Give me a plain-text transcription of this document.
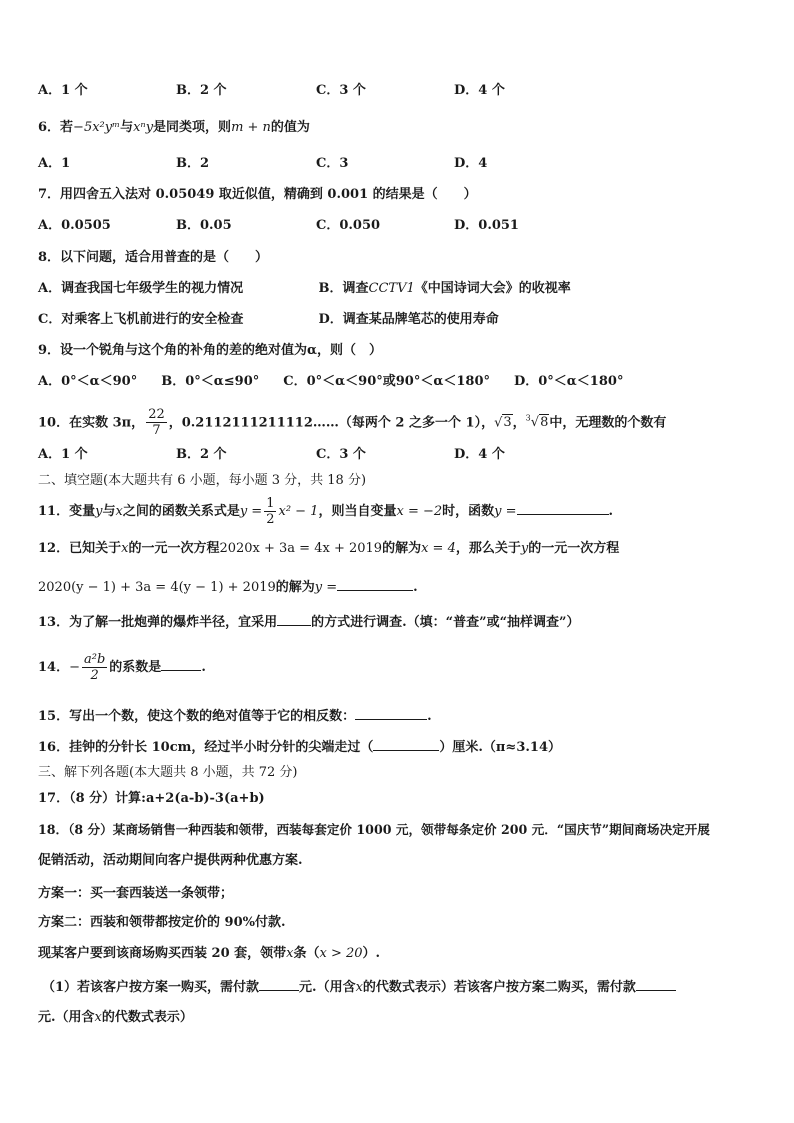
A．1 个	B．2 个	C．3 个	D．4 个
6．若−5x²yᵐ与xⁿy是同类项，则m + n的值为
A．1	B．2	C．3	D．4
7．用四舍五入法对 0.05049 取近似值，精确到 0.001 的结果是（　　）
A．0.0505	B．0.05	C．0.050	D．0.051
8．以下问题，适合用普查的是（　　）
A．调查我国七年级学生的视力情况	B．调查CCTV1《中国诗词大会》的收视率
C．对乘客上飞机前进行的安全检查	D．调查某品牌笔芯的使用寿命
9．设一个锐角与这个角的补角的差的绝对值为α，则（　）
A．0°＜α＜90° B．0°＜α≤90° C．0°＜α＜90°或90°＜α＜180° D．0°＜α＜180°
10．在实数 3π， $\frac{22}{7}$ ，0.2112111211112……（每两个 2 之多一个 1），√3，$^3$√8中，无理数的个数有
A．1 个	B．2 个	C．3 个	D．4 个
二、填空题(本大题共有 6 小题，每小题 3 分，共 18 分)
11．变量y与x之间的函数关系式是$y = \frac{1}{2} x^2 - 1$，则当自变量x = −2时，函数y =	.
12．已知关于x的一元一次方程2020x + 3a = 4x + 2019的解为x = 4，那么关于y的一元一次方程
2020(y − 1) + 3a = 4(y − 1) + 2019的解为y =	.
13．为了解一批炮弹的爆炸半径，宜采用	的方式进行调查.（填：“普查”或“抽样调查”）
14．− $\frac{\text{a²b}}{2}$ 的系数是	.
15．写出一个数，使这个数的绝对值等于它的相反数：	.
16．挂钟的分针长 10cm，经过半小时分针的尖端走过（	）厘米.（π≈3.14）
三、解下列各题(本大题共 8 小题，共 72 分)
17．（8 分）计算:a+2(a-b)-3(a+b)
18．（8 分）某商场销售一种西装和领带，西装每套定价 1000 元，领带每条定价 200 元．“国庆节”期间商场决定开展
促销活动，活动期间向客户提供两种优惠方案.
方案一：买一套西装送一条领带；
方案二：西装和领带都按定价的 90%付款.
现某客户要到该商场购买西装 20 套，领带x条（x > 20）.
（1）若该客户按方案一购买，需付款	元.（用含x的代数式表示）若该客户按方案二购买，需付款
元.（用含x的代数式表示）
